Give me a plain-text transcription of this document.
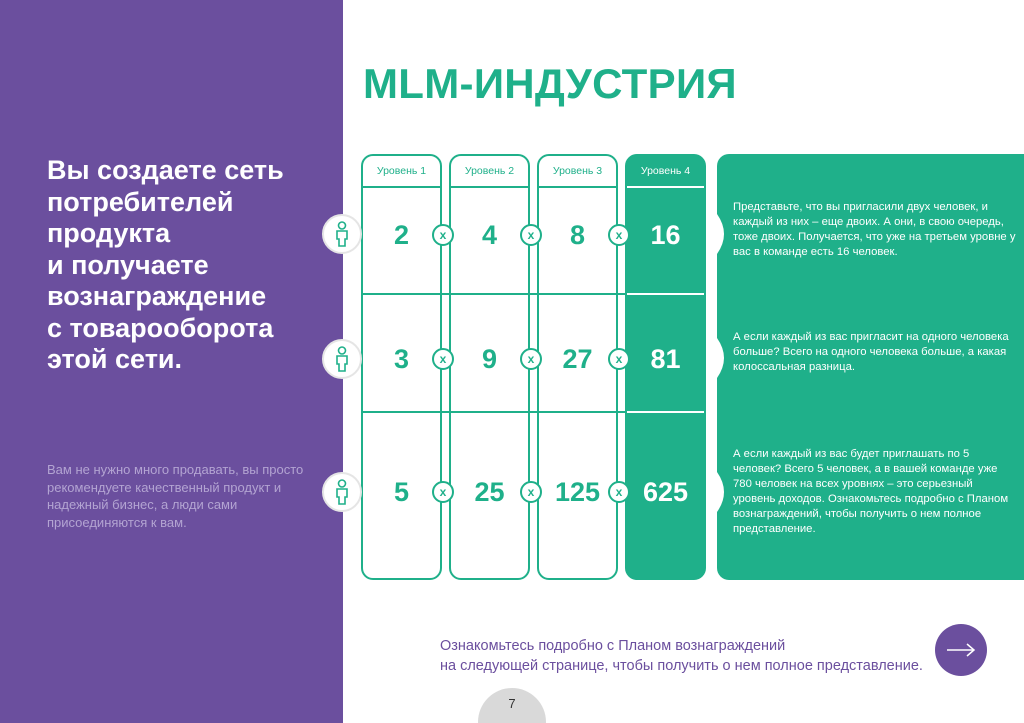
Вы создаете сеть
потребителей
продукта
и получаете
вознаграждение
с товарооборота
этой сети.
Вам не нужно много продавать, вы просто рекомендуете качественный продукт и надежный бизнес, а люди сами присоединяются к вам.
MLM-ИНДУСТРИЯ
Уровень 1	Уровень 2	Уровень 3	Уровень 4
Представьте, что вы пригласили двух человек, и каждый из них – еще двоих. А они, в свою очередь, тоже двоих. Получается, что уже на третьем уровне у вас в команде есть 16 человек.
А если каждый из вас пригласит на одного человека больше? Всего на одного человека больше, а какая колоссальная разница.
А если каждый из вас будет приглашать по 5 человек? Всего 5 человек, а в вашей команде уже 780 человек на всех уровнях – это серьезный уровень доходов. Ознакомьтесь подробно с Планом вознаграждений, чтобы получить о нем полное представление.
2	4	8	16
x	x	x
3	9	27	81
x	x	x
5	25	125	625
x	x	x
Ознакомьтесь подробно с Планом вознаграждений
на следующей странице, чтобы получить о нем полное представление.
7
